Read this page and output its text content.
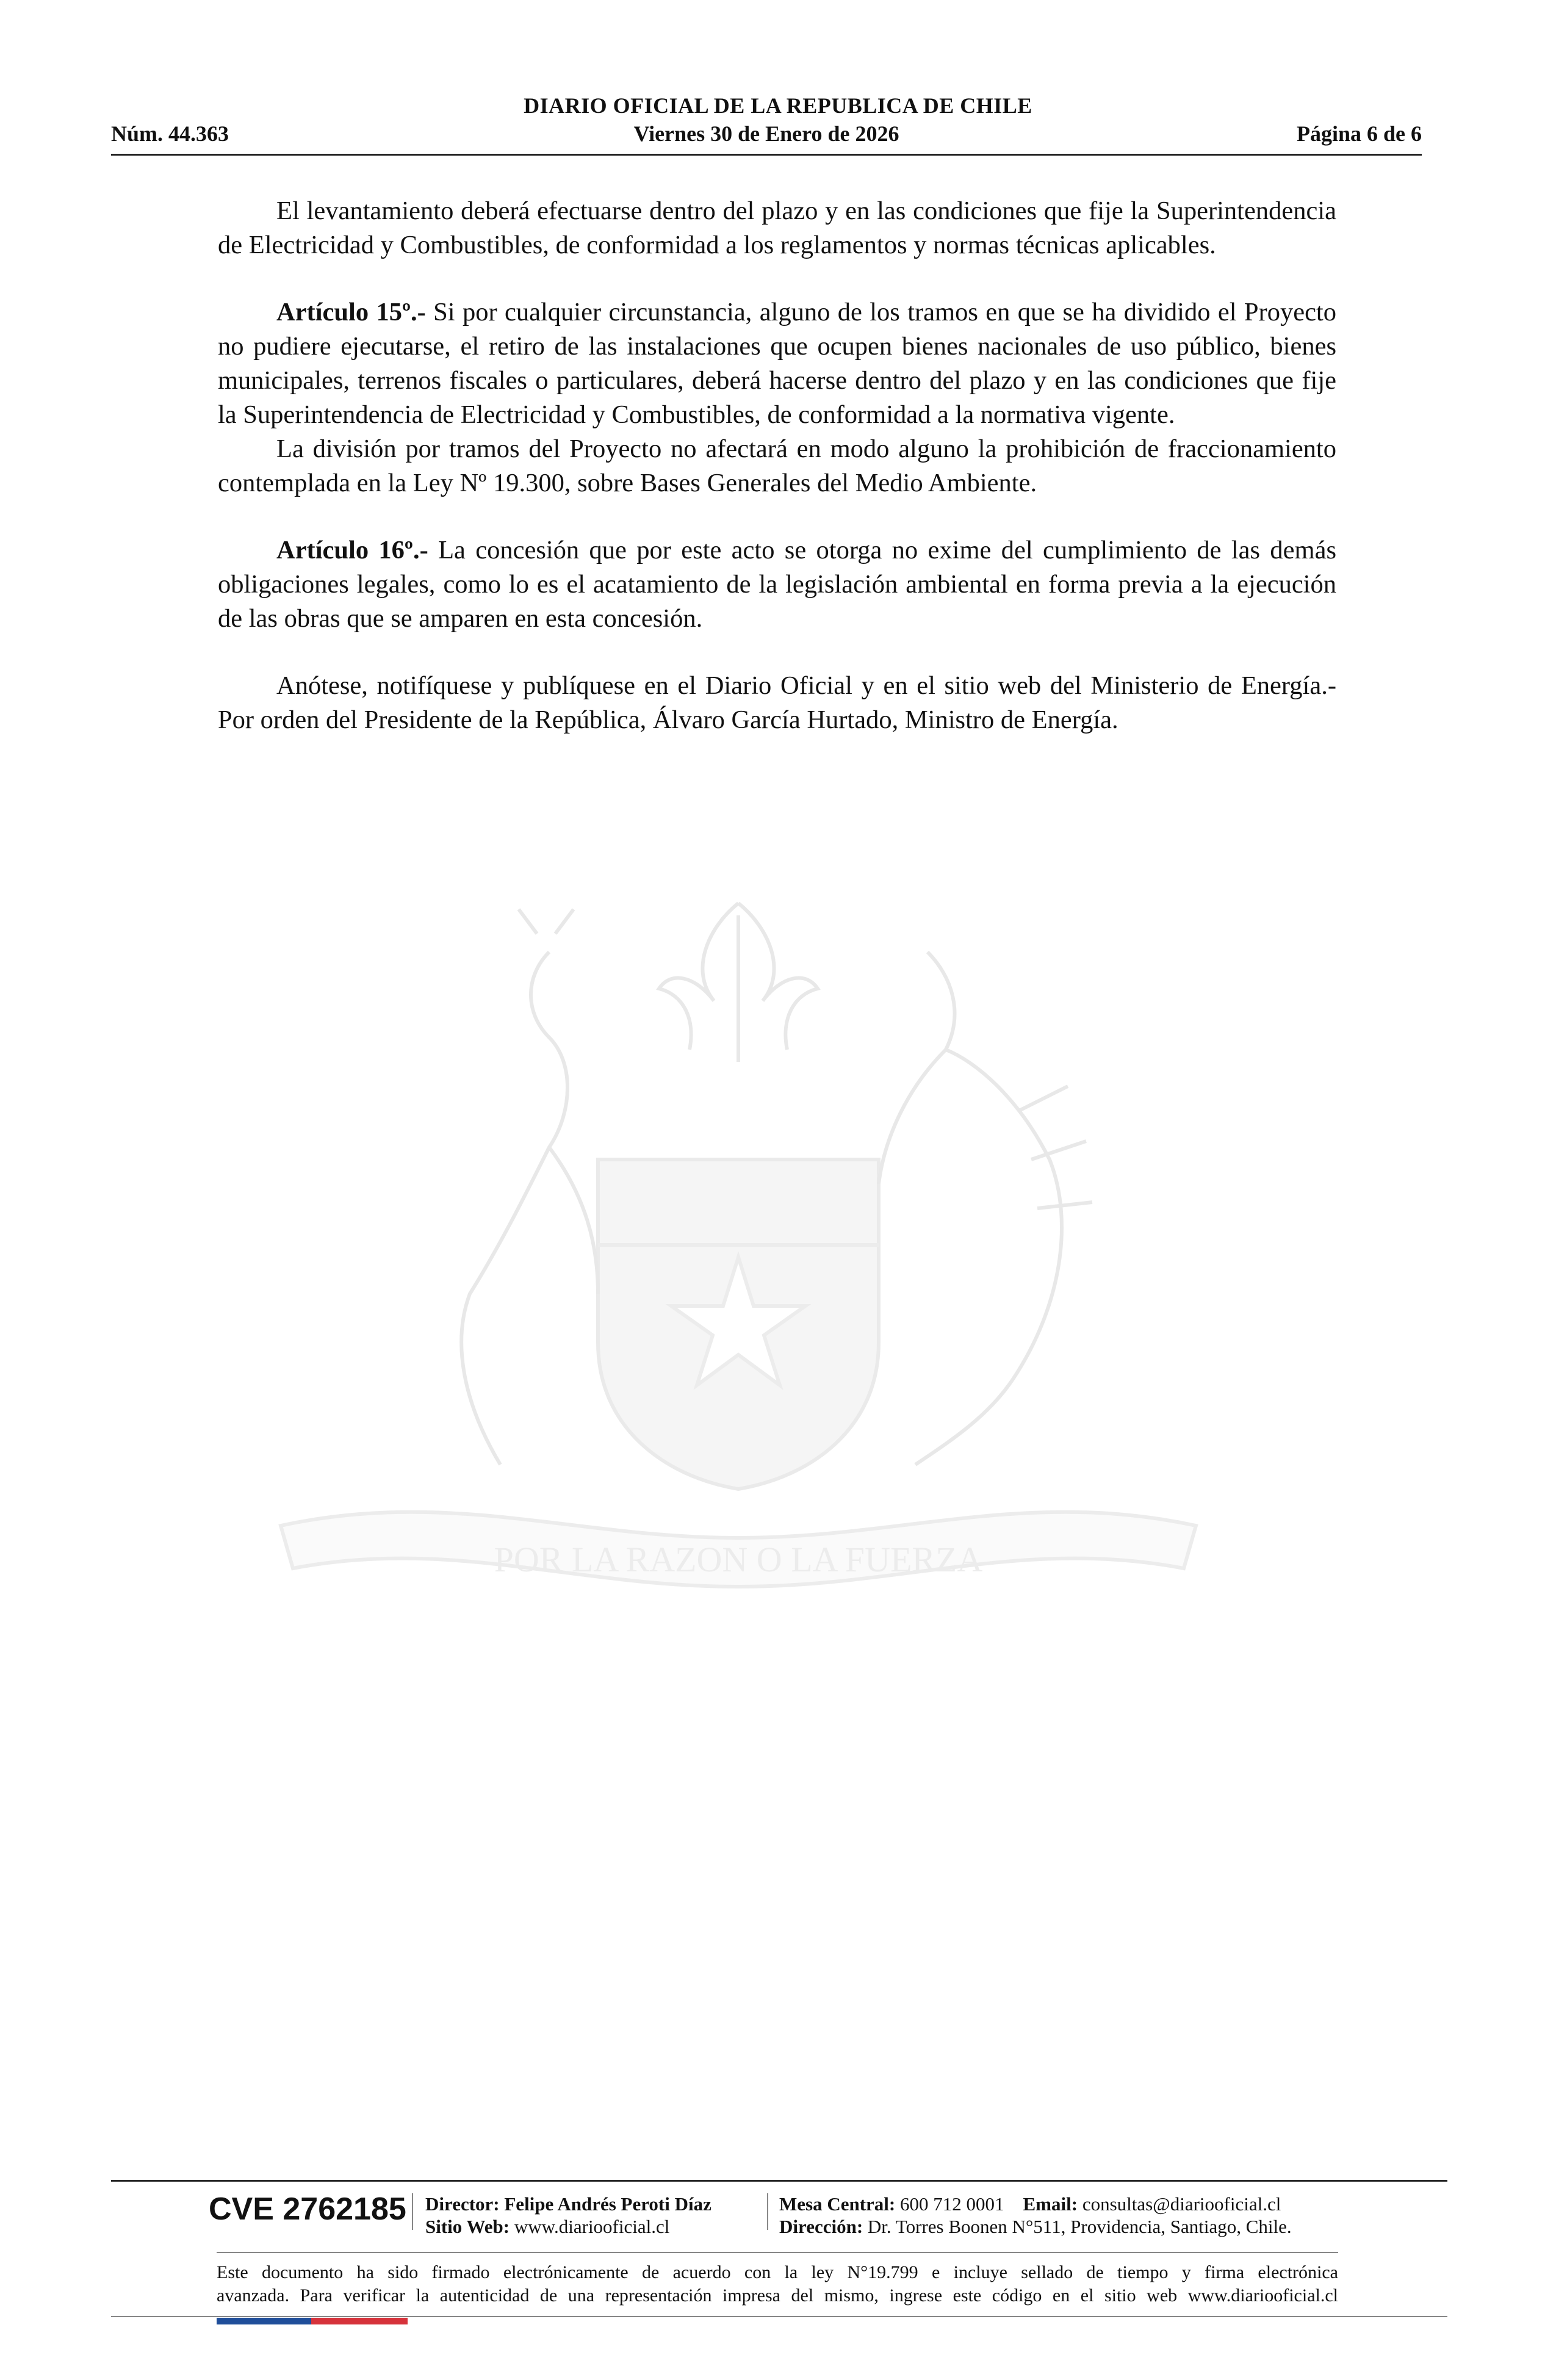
DIARIO OFICIAL DE LA REPUBLICA DE CHILE
Núm. 44.363	Viernes 30 de Enero de 2026	Página 6 de 6
POR LA RAZON O LA FUERZA

El levantamiento deberá efectuarse dentro del plazo y en las condiciones que fije la Superintendencia de Electricidad y Combustibles, de conformidad a los reglamentos y normas técnicas aplicables.

Artículo 15º.- Si por cualquier circunstancia, alguno de los tramos en que se ha dividido el Proyecto no pudiere ejecutarse, el retiro de las instalaciones que ocupen bienes nacionales de uso público, bienes municipales, terrenos fiscales o particulares, deberá hacerse dentro del plazo y en las condiciones que fije la Superintendencia de Electricidad y Combustibles, de conformidad a la normativa vigente.

La división por tramos del Proyecto no afectará en modo alguno la prohibición de fraccionamiento contemplada en la Ley Nº 19.300, sobre Bases Generales del Medio Ambiente.

Artículo 16º.- La concesión que por este acto se otorga no exime del cumplimiento de las demás obligaciones legales, como lo es el acatamiento de la legislación ambiental en forma previa a la ejecución de las obras que se amparen en esta concesión.

Anótese, notifíquese y publíquese en el Diario Oficial y en el sitio web del Ministerio de Energía.- Por orden del Presidente de la República, Álvaro García Hurtado, Ministro de Energía.

CVE 2762185 Director: Felipe Andrés Peroti Díaz
Sitio Web: www.diariooficial.cl
Mesa Central: 600 712 0001 Email: consultas@diariooficial.cl
Dirección: Dr. Torres Boonen N°511, Providencia, Santiago, Chile.
Este documento ha sido firmado electrónicamente de acuerdo con la ley N°19.799 e incluye sellado de tiempo y firma electrónica
avanzada. Para verificar la autenticidad de una representación impresa del mismo, ingrese este código en el sitio web www.diariooficial.cl
